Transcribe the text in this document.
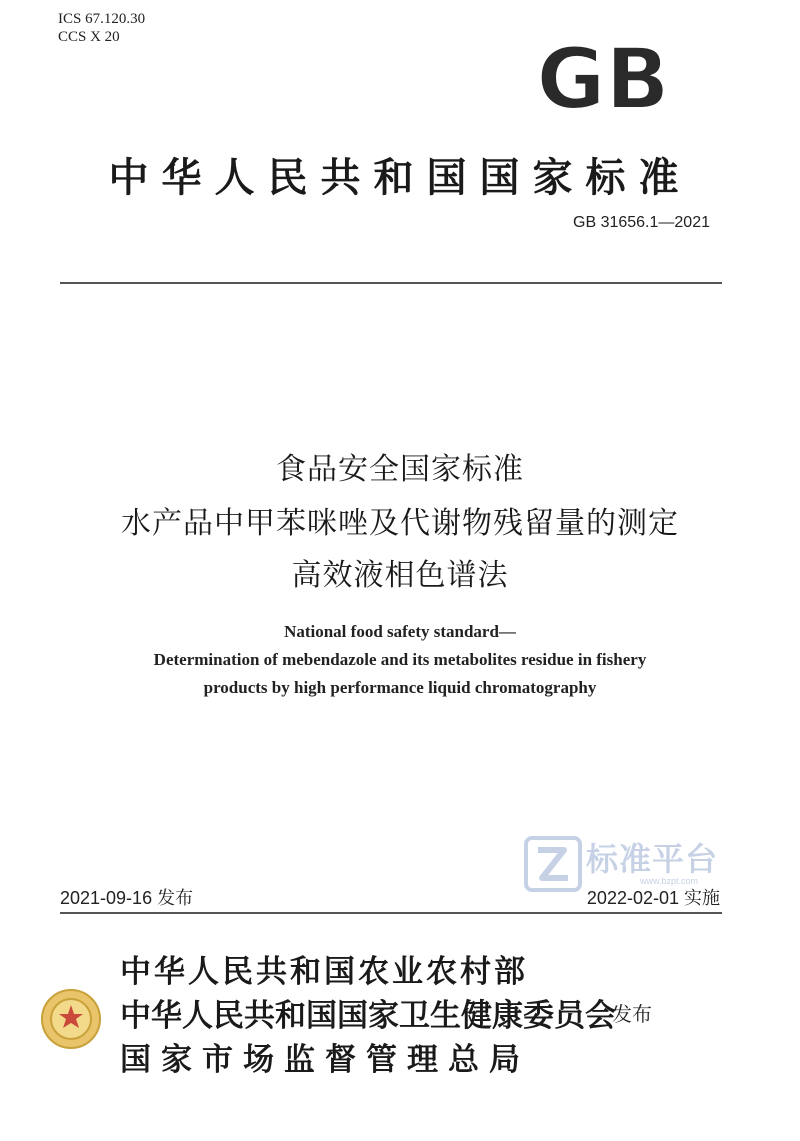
ICS 67.120.30
CCS X 20	GB
中华人民共和国国家标准
GB 31656.1—2021
食品安全国家标准
水产品中甲苯咪唑及代谢物残留量的测定
高效液相色谱法
National food safety standard—
Determination of mebendazole and its metabolites residue in fishery
products by high performance liquid chromatography
标准平台
www.bzpt.com
2021-09-16 发布	2022-02-01 实施
中华人民共和国农业农村部
中华人民共和国国家卫生健康委员会
国家市场监督管理总局
发布
